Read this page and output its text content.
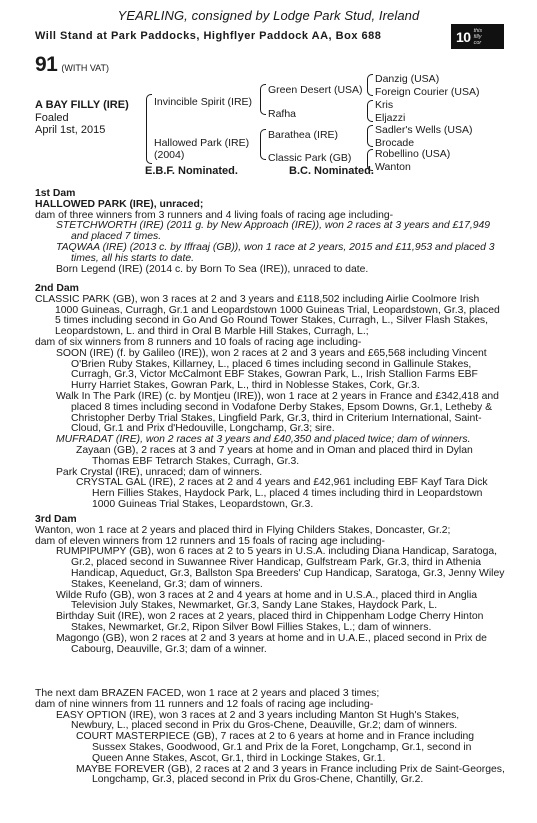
YEARLING, consigned by Lodge Park Stud, Ireland
Will Stand at Park Paddocks, Highflyer Paddock AA, Box 688	10 this
filly
cor
91 (WITH VAT)
A BAY FILLY (IRE)
Foaled
April 1st, 2015
Invincible Spirit (IRE)
Hallowed Park (IRE)
(2004)
Green Desert (USA)
Rafha
Barathea (IRE)
Classic Park (GB)
Danzig (USA)
Foreign Courier (USA)
Kris
Eljazzi
Sadler's Wells (USA)
Brocade
Robellino (USA)
Wanton
E.B.F. Nominated.	B.C. Nominated.
1st Dam
HALLOWED PARK (IRE), unraced;
dam of three winners from 3 runners and 4 living foals of racing age including-
STETCHWORTH (IRE) (2011 g. by New Approach (IRE)), won 2 races at 3 years and £17,949 and placed 7 times.
TAQWAA (IRE) (2013 c. by Iffraaj (GB)), won 1 race at 2 years, 2015 and £11,953 and placed 3 times, all his starts to date.
Born Legend (IRE) (2014 c. by Born To Sea (IRE)), unraced to date.
2nd Dam
CLASSIC PARK (GB), won 3 races at 2 and 3 years and £118,502 including Airlie Coolmore Irish 1000 Guineas, Curragh, Gr.1 and Leopardstown 1000 Guineas Trial, Leopardstown, Gr.3, placed 5 times including second in Go And Go Round Tower Stakes, Curragh, L., Silver Flash Stakes, Leopardstown, L. and third in Oral B Marble Hill Stakes, Curragh, L.;
dam of six winners from 8 runners and 10 foals of racing age including-
SOON (IRE) (f. by Galileo (IRE)), won 2 races at 2 and 3 years and £65,568 including Vincent O'Brien Ruby Stakes, Killarney, L., placed 6 times including second in Gallinule Stakes, Curragh, Gr.3, Victor McCalmont EBF Stakes, Gowran Park, L., Irish Stallion Farms EBF Hurry Harriet Stakes, Gowran Park, L., third in Noblesse Stakes, Cork, Gr.3.
Walk In The Park (IRE) (c. by Montjeu (IRE)), won 1 race at 2 years in France and £342,418 and placed 8 times including second in Vodafone Derby Stakes, Epsom Downs, Gr.1, Letheby & Christopher Derby Trial Stakes, Lingfield Park, Gr.3, third in Criterium International, Saint-Cloud, Gr.1 and Prix d'Hedouville, Longchamp, Gr.3; sire.
MUFRADAT (IRE), won 2 races at 3 years and £40,350 and placed twice; dam of winners.
Zayaan (GB), 2 races at 3 and 7 years at home and in Oman and placed third in Dylan Thomas EBF Tetrarch Stakes, Curragh, Gr.3.
Park Crystal (IRE), unraced; dam of winners.
CRYSTAL GAL (IRE), 2 races at 2 and 4 years and £42,961 including EBF Kayf Tara Dick Hern Fillies Stakes, Haydock Park, L., placed 4 times including third in Leopardstown 1000 Guineas Trial Stakes, Leopardstown, Gr.3.
3rd Dam
Wanton, won 1 race at 2 years and placed third in Flying Childers Stakes, Doncaster, Gr.2;
dam of eleven winners from 12 runners and 15 foals of racing age including-
RUMPIPUMPY (GB), won 6 races at 2 to 5 years in U.S.A. including Diana Handicap, Saratoga, Gr.2, placed second in Suwannee River Handicap, Gulfstream Park, Gr.3, third in Athenia Handicap, Aqueduct, Gr.3, Ballston Spa Breeders' Cup Handicap, Saratoga, Gr.3, Jenny Wiley Stakes, Keeneland, Gr.3; dam of winners.
Wilde Rufo (GB), won 3 races at 2 and 4 years at home and in U.S.A., placed third in Anglia Television July Stakes, Newmarket, Gr.3, Sandy Lane Stakes, Haydock Park, L.
Birthday Suit (IRE), won 2 races at 2 years, placed third in Chippenham Lodge Cherry Hinton Stakes, Newmarket, Gr.2, Ripon Silver Bowl Fillies Stakes, L.; dam of winners.
Magongo (GB), won 2 races at 2 and 3 years at home and in U.A.E., placed second in Prix de Cabourg, Deauville, Gr.3; dam of a winner.
The next dam BRAZEN FACED, won 1 race at 2 years and placed 3 times;
dam of nine winners from 11 runners and 12 foals of racing age including-
EASY OPTION (IRE), won 3 races at 2 and 3 years including Manton St Hugh's Stakes, Newbury, L., placed second in Prix du Gros-Chene, Deauville, Gr.2; dam of winners.
COURT MASTERPIECE (GB), 7 races at 2 to 6 years at home and in France including Sussex Stakes, Goodwood, Gr.1 and Prix de la Foret, Longchamp, Gr.1, second in Queen Anne Stakes, Ascot, Gr.1, third in Lockinge Stakes, Gr.1.
MAYBE FOREVER (GB), 2 races at 2 and 3 years in France including Prix de Saint-Georges, Longchamp, Gr.3, placed second in Prix du Gros-Chene, Chantilly, Gr.2.
